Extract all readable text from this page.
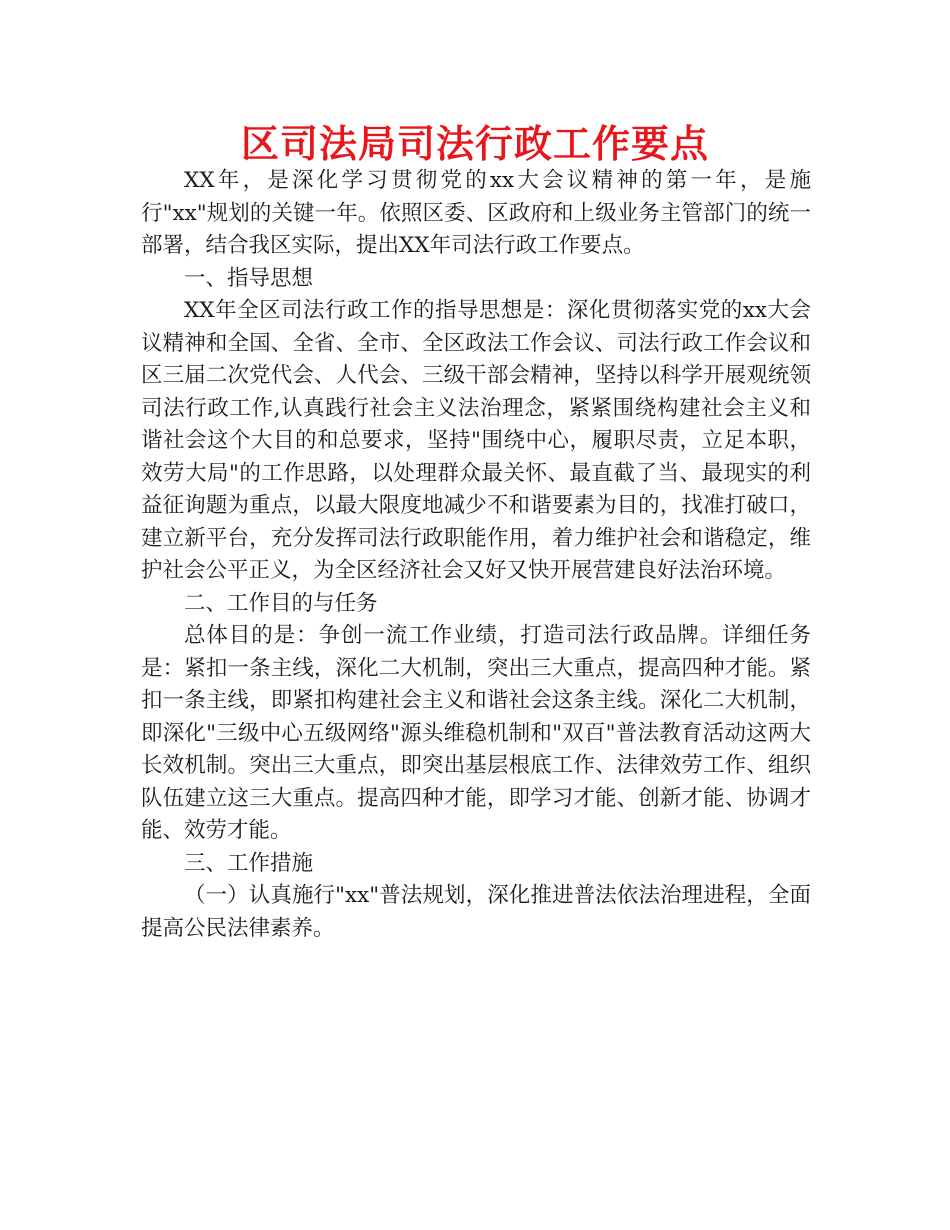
区司法局司法行政工作要点

XX年，是深化学习贯彻党的xx大会议精神的第一年，是施行"xx"规划的关键一年。依照区委、区政府和上级业务主管部门的统一部署，结合我区实际，提出XX年司法行政工作要点。

一、指导思想

XX年全区司法行政工作的指导思想是：深化贯彻落实党的xx大会议精神和全国、全省、全市、全区政法工作会议、司法行政工作会议和区三届二次党代会、人代会、三级干部会精神，坚持以科学开展观统领司法行政工作,认真践行社会主义法治理念，紧紧围绕构建社会主义和谐社会这个大目的和总要求，坚持"围绕中心，履职尽责，立足本职，效劳大局"的工作思路，以处理群众最关怀、最直截了当、最现实的利益征询题为重点，以最大限度地减少不和谐要素为目的，找准打破口，建立新平台，充分发挥司法行政职能作用，着力维护社会和谐稳定，维护社会公平正义，为全区经济社会又好又快开展营建良好法治环境。

二、工作目的与任务

总体目的是：争创一流工作业绩，打造司法行政品牌。详细任务是：紧扣一条主线，深化二大机制，突出三大重点，提高四种才能。紧扣一条主线，即紧扣构建社会主义和谐社会这条主线。深化二大机制，即深化"三级中心五级网络"源头维稳机制和"双百"普法教育活动这两大长效机制。突出三大重点，即突出基层根底工作、法律效劳工作、组织队伍建立这三大重点。提高四种才能，即学习才能、创新才能、协调才能、效劳才能。

三、工作措施

（一）认真施行"xx"普法规划，深化推进普法依法治理进程，全面提高公民法律素养。
